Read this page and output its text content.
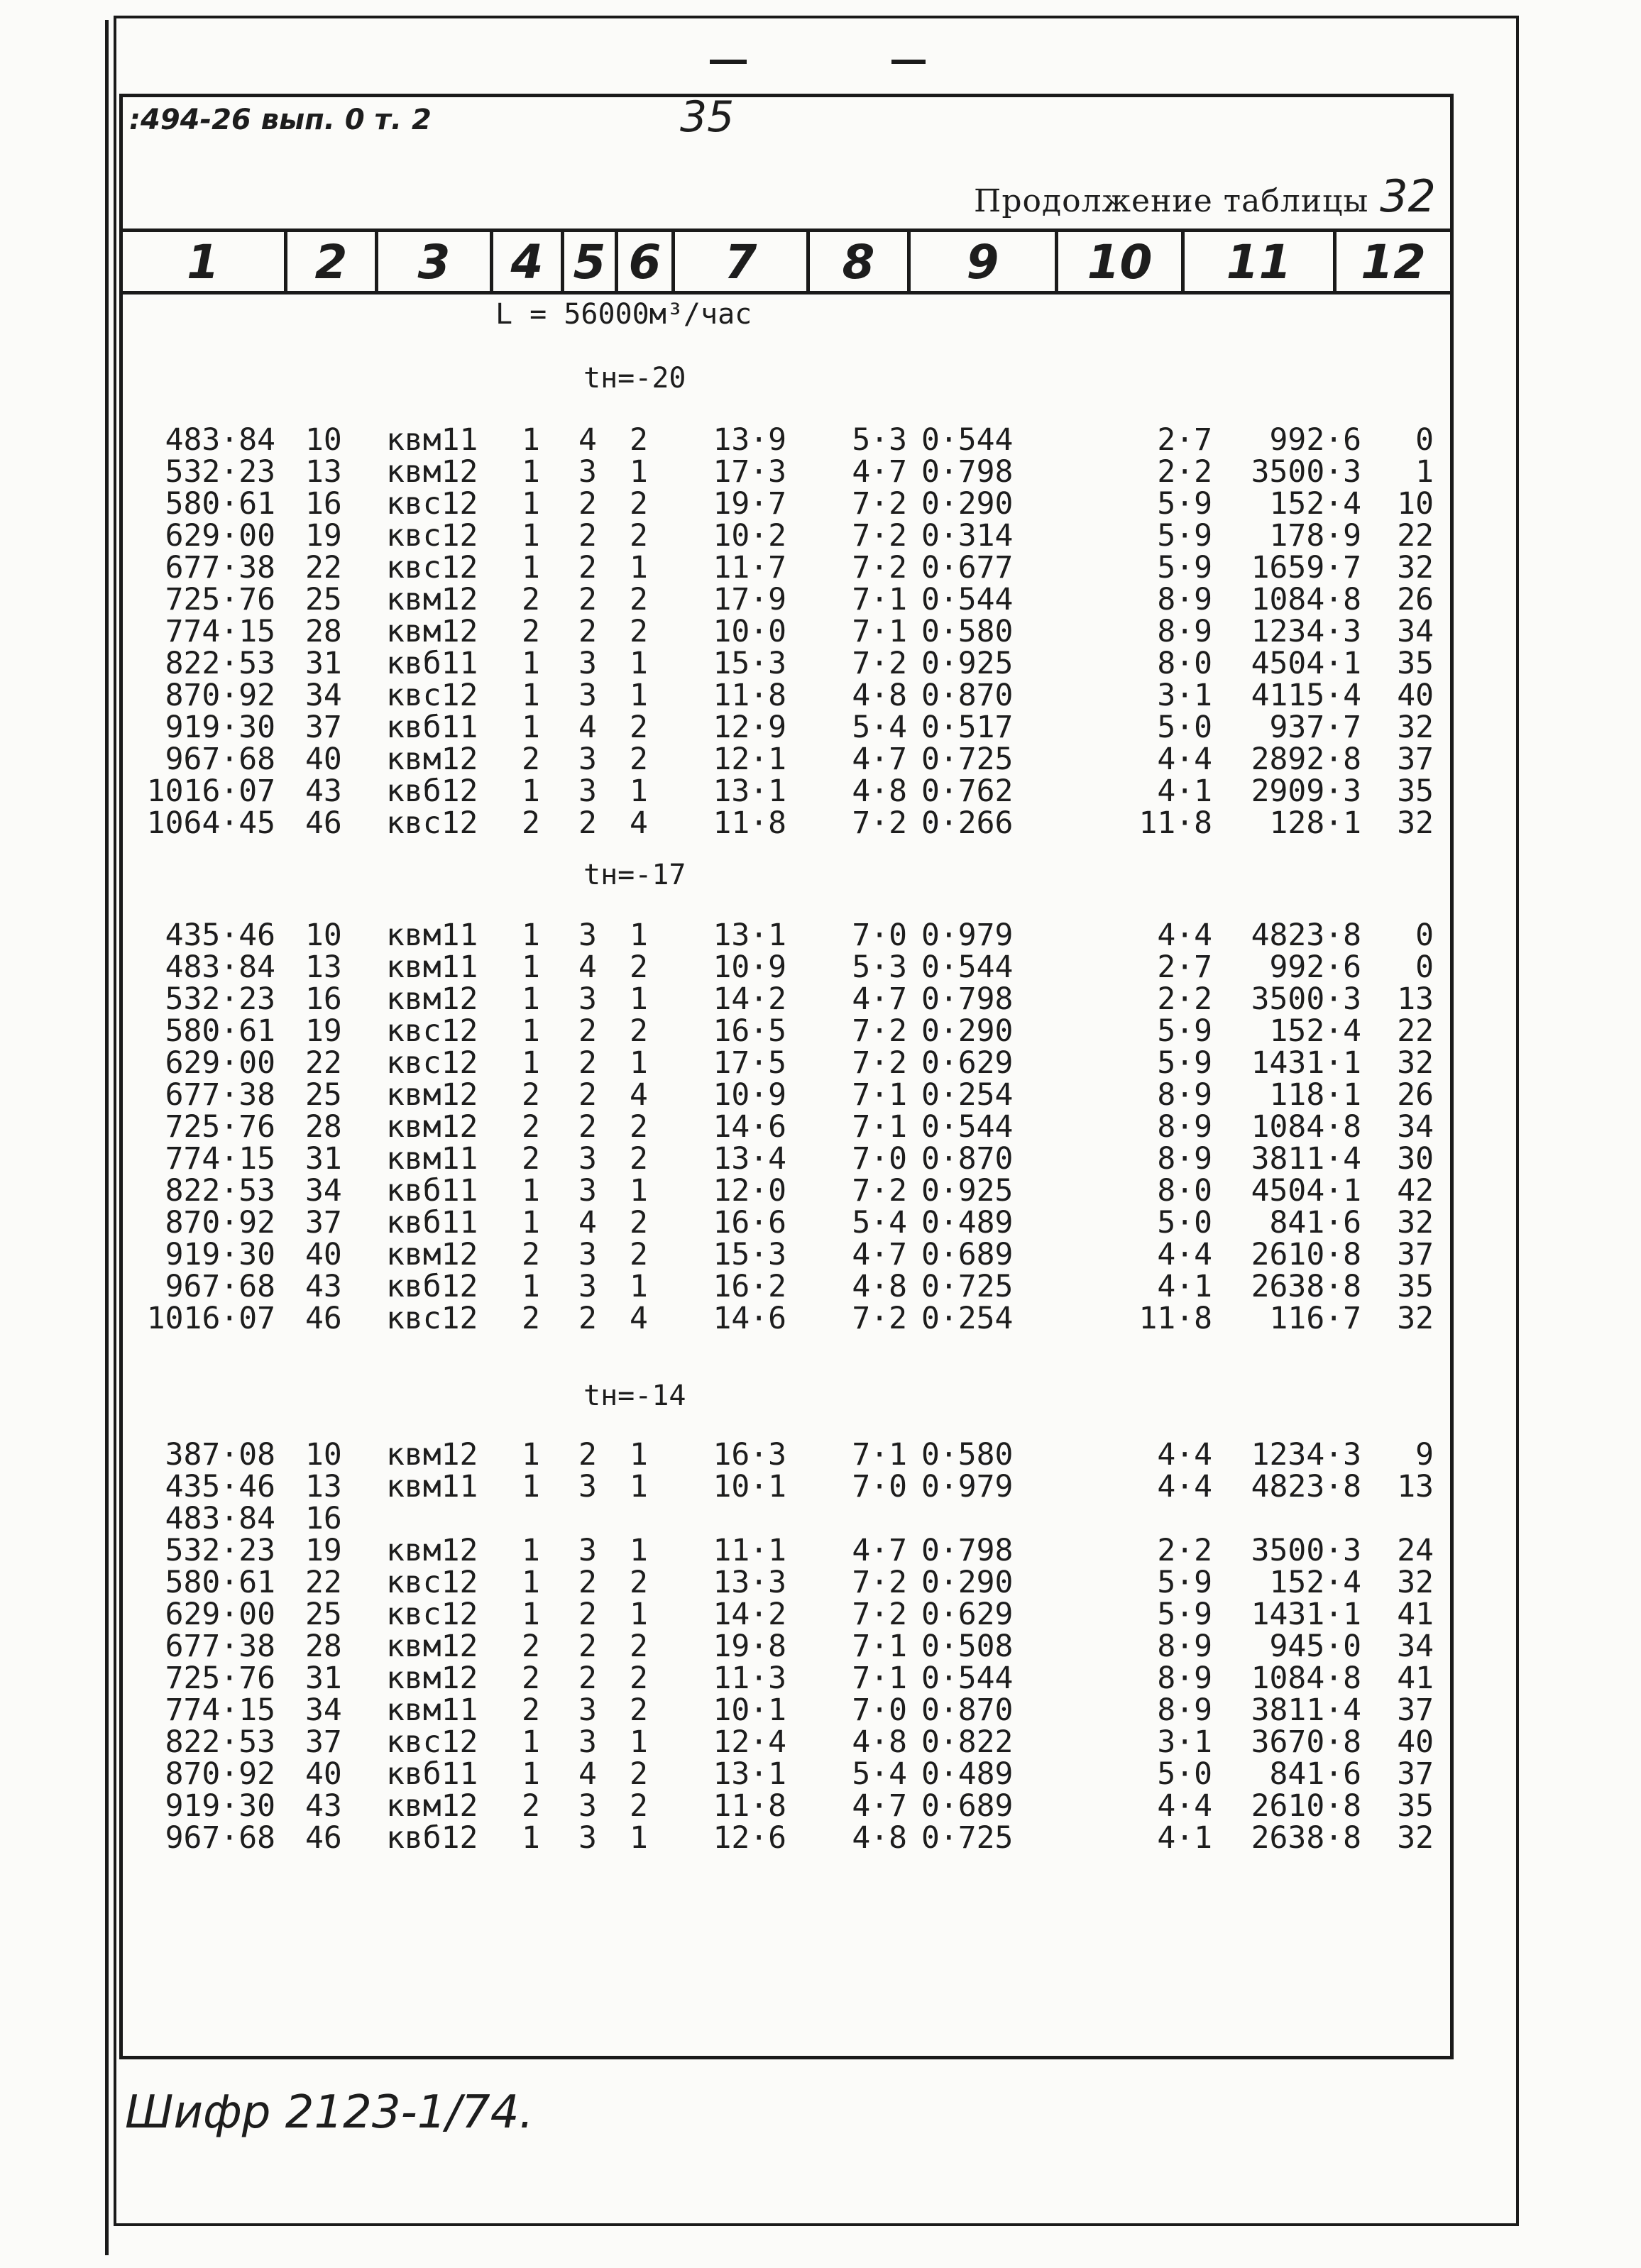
:494-26 вып. 0 т. 2	35
Продолжение таблицы 32
1	2	3	4 5 6	7	8	9	10	11	12
L = 56000м³/час
tн=-20
tн=-17
tн=-14
483·84 10	квм11	1 4 2	13·9	5·3 0·544	2·7	992·6	0
532·23 13	квм12	1 3 1	17·3	4·7 0·798	2·2	3500·3	1
580·61 16	квс12	1 2 2	19·7	7·2 0·290	5·9	152·4	10
629·00 19	квс12	1 2 2	10·2	7·2 0·314	5·9	178·9	22
677·38 22	квс12	1 2 1	11·7	7·2 0·677	5·9	1659·7	32
725·76 25	квм12	2 2 2	17·9	7·1 0·544	8·9	1084·8	26
774·15 28	квм12	2 2 2	10·0	7·1 0·580	8·9	1234·3	34
822·53 31	квб11	1 3 1	15·3	7·2 0·925	8·0	4504·1	35
870·92 34	квс12	1 3 1	11·8	4·8 0·870	3·1	4115·4	40
919·30 37	квб11	1 4 2	12·9	5·4 0·517	5·0	937·7	32
967·68 40	квм12	2 3 2	12·1	4·7 0·725	4·4	2892·8	37
1016·07 43	квб12	1 3 1	13·1	4·8 0·762	4·1	2909·3	35
1064·45 46	квс12	2 2 4	11·8	7·2 0·266	11·8	128·1	32
435·46 10	квм11	1 3 1	13·1	7·0 0·979	4·4	4823·8	0
483·84 13	квм11	1 4 2	10·9	5·3 0·544	2·7	992·6	0
532·23 16	квм12	1 3 1	14·2	4·7 0·798	2·2	3500·3	13
580·61 19	квс12	1 2 2	16·5	7·2 0·290	5·9	152·4	22
629·00 22	квс12	1 2 1	17·5	7·2 0·629	5·9	1431·1	32
677·38 25	квм12	2 2 4	10·9	7·1 0·254	8·9	118·1	26
725·76 28	квм12	2 2 2	14·6	7·1 0·544	8·9	1084·8	34
774·15 31	квм11	2 3 2	13·4	7·0 0·870	8·9	3811·4	30
822·53 34	квб11	1 3 1	12·0	7·2 0·925	8·0	4504·1	42
870·92 37	квб11	1 4 2	16·6	5·4 0·489	5·0	841·6	32
919·30 40	квм12	2 3 2	15·3	4·7 0·689	4·4	2610·8	37
967·68 43	квб12	1 3 1	16·2	4·8 0·725	4·1	2638·8	35
1016·07 46	квс12	2 2 4	14·6	7·2 0·254	11·8	116·7	32
387·08 10	квм12	1 2 1	16·3	7·1 0·580	4·4	1234·3	9
435·46 13	квм11	1 3 1	10·1	7·0 0·979	4·4	4823·8	13
483·84 16
532·23 19	квм12	1 3 1	11·1	4·7 0·798	2·2	3500·3	24
580·61 22	квс12	1 2 2	13·3	7·2 0·290	5·9	152·4	32
629·00 25	квс12	1 2 1	14·2	7·2 0·629	5·9	1431·1	41
677·38 28	квм12	2 2 2	19·8	7·1 0·508	8·9	945·0	34
725·76 31	квм12	2 2 2	11·3	7·1 0·544	8·9	1084·8	41
774·15 34	квм11	2 3 2	10·1	7·0 0·870	8·9	3811·4	37
822·53 37	квс12	1 3 1	12·4	4·8 0·822	3·1	3670·8	40
870·92 40	квб11	1 4 2	13·1	5·4 0·489	5·0	841·6	37
919·30 43	квм12	2 3 2	11·8	4·7 0·689	4·4	2610·8	35
967·68 46	квб12	1 3 1	12·6	4·8 0·725	4·1	2638·8	32
Шифр 2123-1/74.
